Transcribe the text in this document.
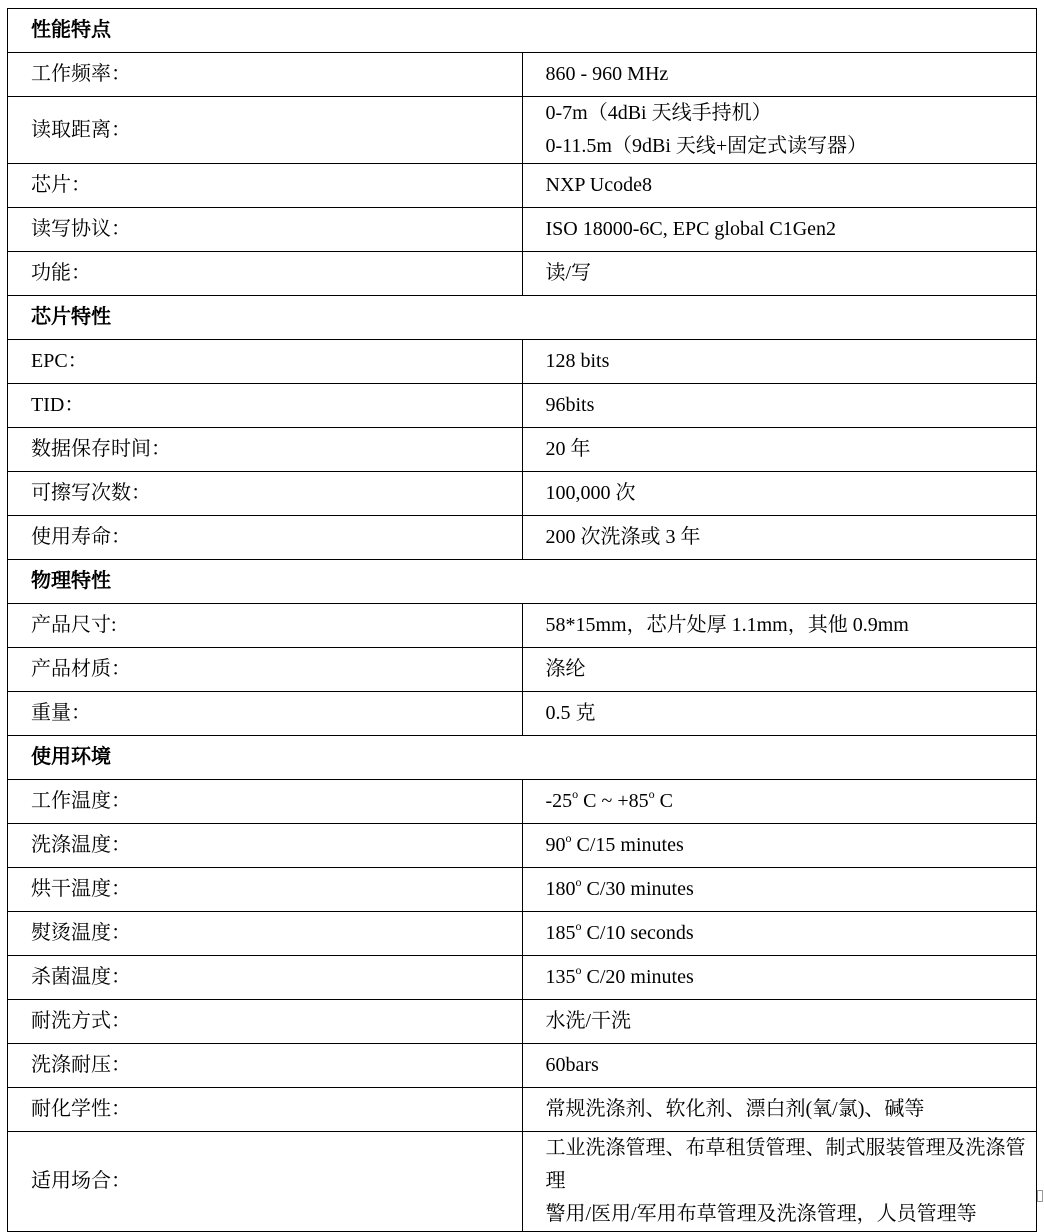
性能特点	
工作频率：	860 - 960 MHz

读取距离：	0-7m（4dBi 天线手持机）
0-11.5m（9dBi 天线+固定式读写器）

芯片：	NXP Ucode8

读写协议：	ISO 18000-6C, EPC global C1Gen2

功能：	读/写

芯片特性	
EPC：	128 bits

TID：	96bits

数据保存时间：	20 年

可擦写次数：	100,000 次

使用寿命：	200 次洗涤或 3 年

物理特性	
产品尺寸:	58*15mm，芯片处厚 1.1mm，其他 0.9mm

产品材质：	涤纶

重量：	0.5 克

使用环境	
工作温度：	-25$^o$ C ~ $+85^o$ C

洗涤温度：	90$^o$ C/15 minutes

烘干温度：	180$^o$ C/30 minutes

熨烫温度：	185$^o$ C/10 seconds

杀菌温度：	135$^o$ C/20 minutes

耐洗方式：	水洗/干洗

洗涤耐压：	60bars

耐化学性：	常规洗涤剂、软化剂、漂白剂(氧/氯)、碱等

适用场合：	工业洗涤管理、布草租赁管理、制式服装管理及洗涤管理
警用/医用/军用布草管理及洗涤管理，人员管理等
